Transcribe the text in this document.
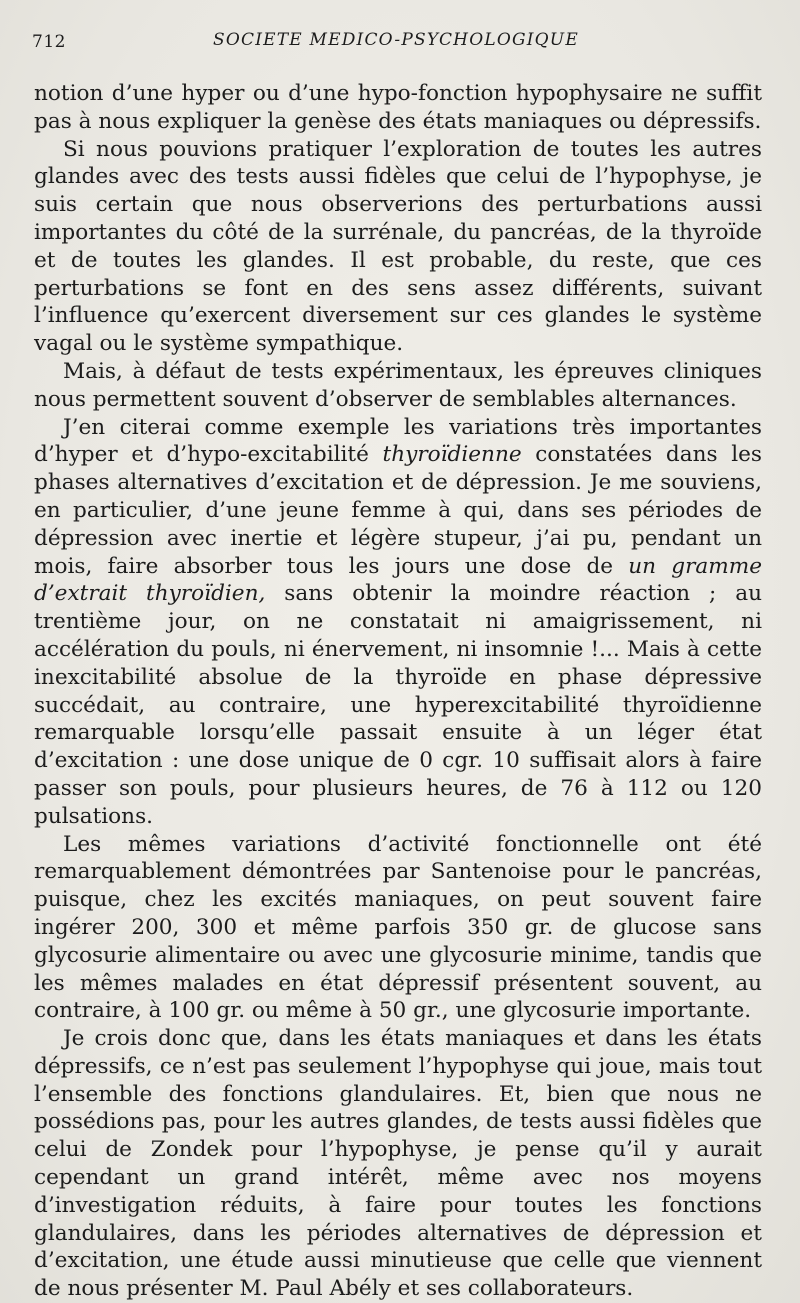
712	SOCIETE MEDICO-PSYCHOLOGIQUE

notion d’une hyper ou d’une hypo-fonction hypophysaire ne suffit pas à nous expliquer la genèse des états maniaques ou dépressifs.

Si nous pouvions pratiquer l’exploration de toutes les autres glandes avec des tests aussi fidèles que celui de l’hypophyse, je suis certain que nous observerions des perturbations aussi importantes du côté de la surrénale, du pancréas, de la thyroïde et de toutes les glandes. Il est probable, du reste, que ces perturbations se font en des sens assez différents, suivant l’influence qu’exercent diversement sur ces glandes le système vagal ou le système sympathique.

Mais, à défaut de tests expérimentaux, les épreuves cliniques nous permettent souvent d’observer de semblables alternances.

J’en citerai comme exemple les variations très importantes d’hyper et d’hypo-excitabilité thyroïdienne constatées dans les phases alternatives d’excitation et de dépression. Je me souviens, en particulier, d’une jeune femme à qui, dans ses périodes de dépression avec inertie et légère stupeur, j’ai pu, pendant un mois, faire absorber tous les jours une dose de un gramme d’extrait thyroïdien, sans obtenir la moindre réaction ; au trentième jour, on ne constatait ni amaigrissement, ni accélération du pouls, ni énervement, ni insomnie !... Mais à cette inexcitabilité absolue de la thyroïde en phase dépressive succédait, au contraire, une hyperexcitabilité thyroïdienne remarquable lorsqu’elle passait ensuite à un léger état d’excitation : une dose unique de 0 cgr. 10 suffisait alors à faire passer son pouls, pour plusieurs heures, de 76 à 112 ou 120 pulsations.

Les mêmes variations d’activité fonctionnelle ont été remarquablement démontrées par Santenoise pour le pancréas, puisque, chez les excités maniaques, on peut souvent faire ingérer 200, 300 et même parfois 350 gr. de glucose sans glycosurie alimentaire ou avec une glycosurie minime, tandis que les mêmes malades en état dépressif présentent souvent, au contraire, à 100 gr. ou même à 50 gr., une glycosurie importante.

Je crois donc que, dans les états maniaques et dans les états dépressifs, ce n’est pas seulement l’hypophyse qui joue, mais tout l’ensemble des fonctions glandulaires. Et, bien que nous ne possédions pas, pour les autres glandes, de tests aussi fidèles que celui de Zondek pour l’hypophyse, je pense qu’il y aurait cependant un grand intérêt, même avec nos moyens d’investigation réduits, à faire pour toutes les fonctions glandulaires, dans les périodes alternatives de dépression et d’excitation, une étude aussi minutieuse que celle que viennent de nous présenter M. Paul Abély et ses collaborateurs.
